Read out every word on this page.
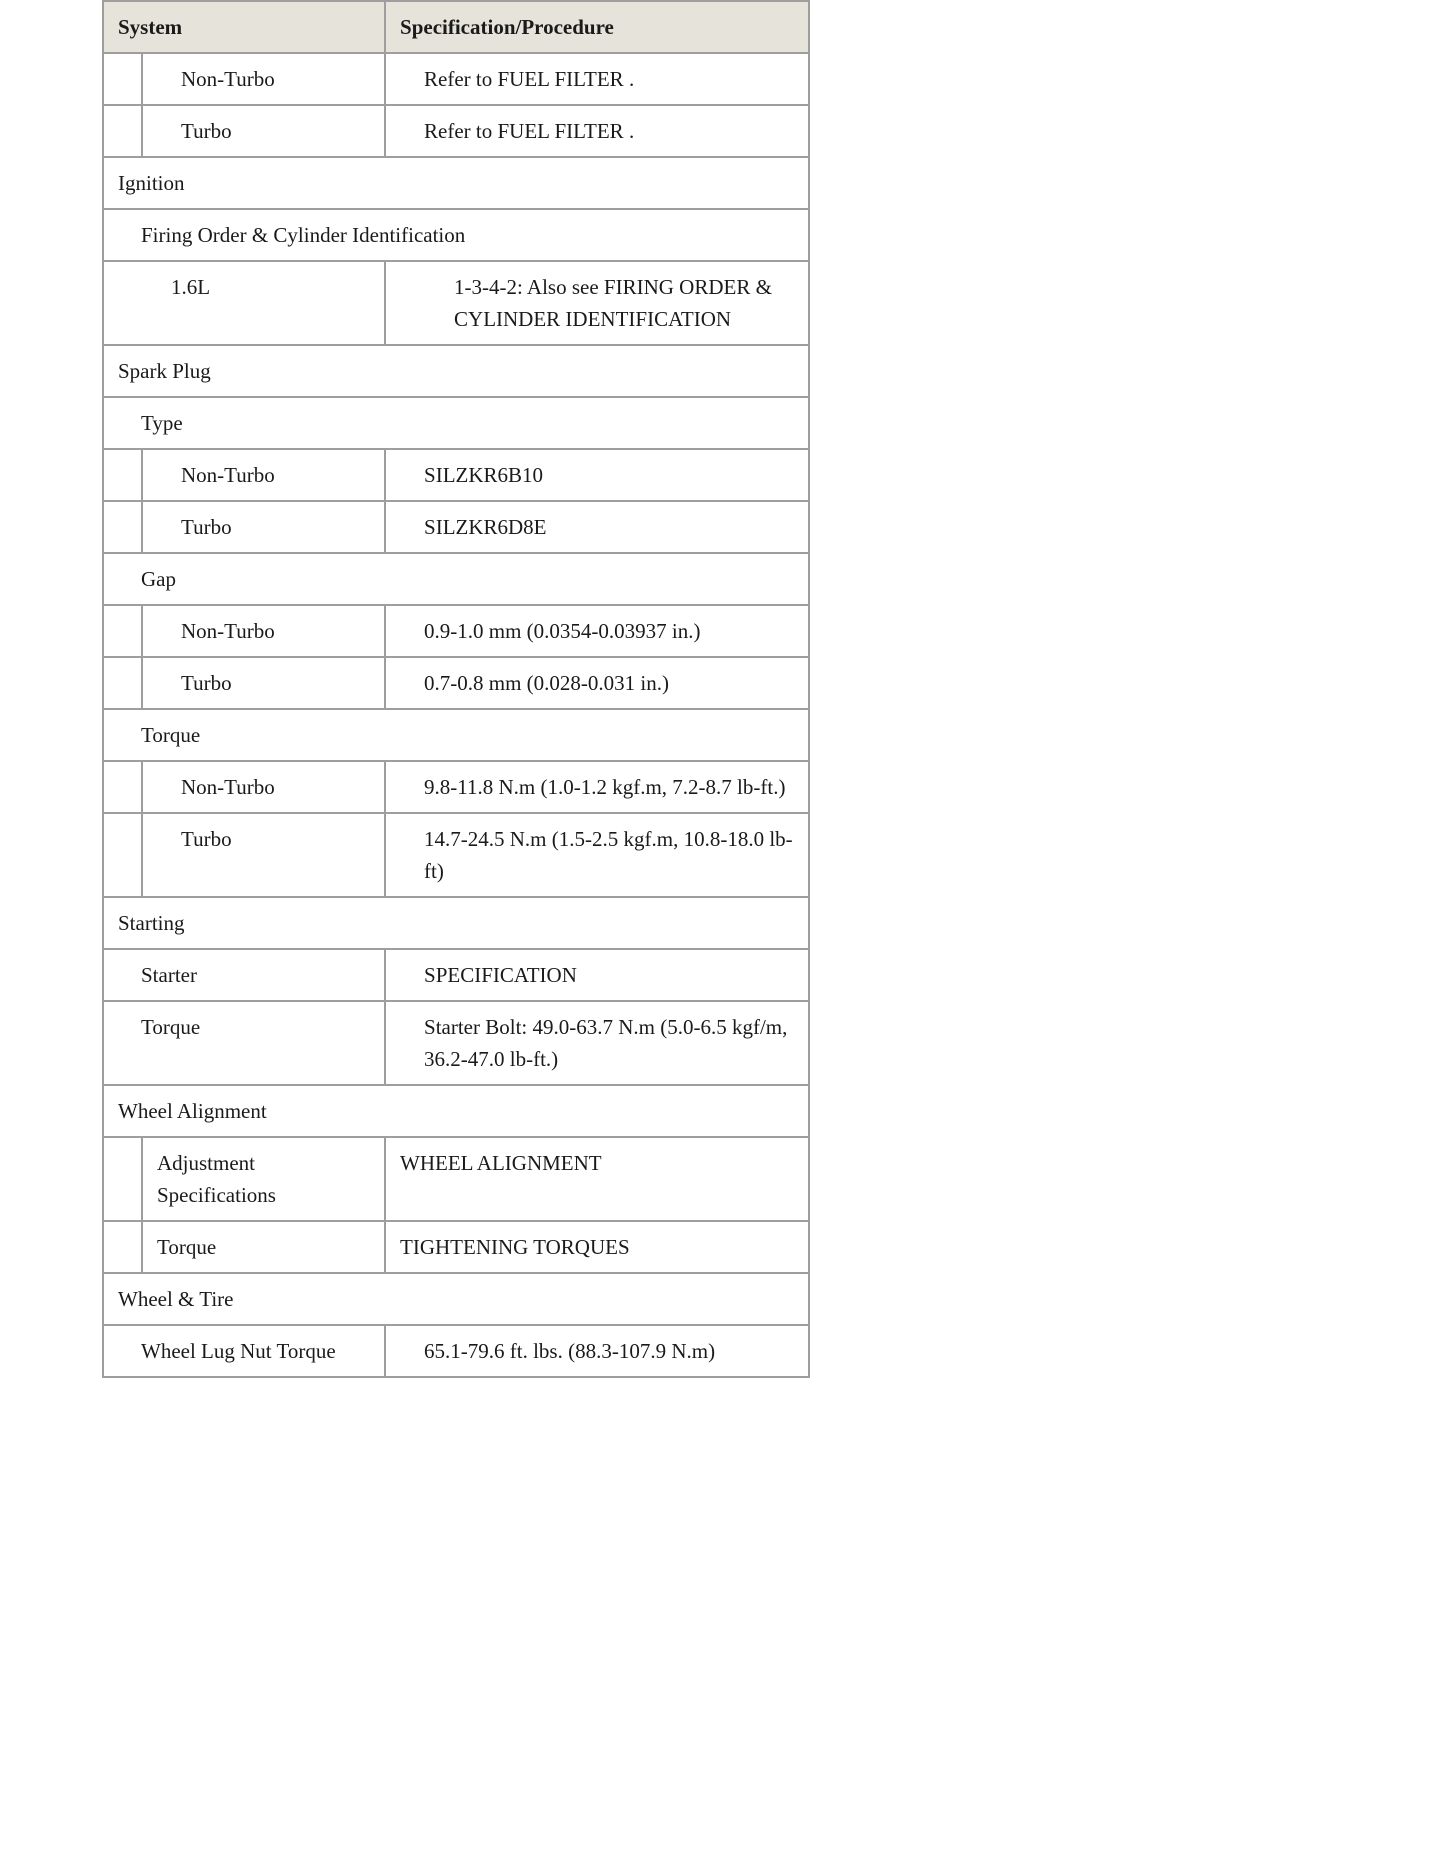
System		Specification/Procedure
	Non-Turbo	Refer to FUEL FILTER .
	Turbo	Refer to FUEL FILTER .
Ignition		
Firing Order & Cylinder Identification		
1.6L		1-3-4-2: Also see FIRING ORDER & CYLINDER IDENTIFICATION
Spark Plug		
Type		
	Non-Turbo	SILZKR6B10
	Turbo	SILZKR6D8E
Gap		
	Non-Turbo	0.9-1.0 mm (0.0354-0.03937 in.)
	Turbo	0.7-0.8 mm (0.028-0.031 in.)
Torque		
	Non-Turbo	9.8-11.8 N.m (1.0-1.2 kgf.m, 7.2-8.7 lb-ft.)
	Turbo	14.7-24.5 N.m (1.5-2.5 kgf.m, 10.8-18.0 lb-ft)
Starting		
Starter		SPECIFICATION
Torque		Starter Bolt: 49.0-63.7 N.m (5.0-6.5 kgf/m, 36.2-47.0 lb-ft.)
Wheel Alignment		
	Adjustment Specifications	WHEEL ALIGNMENT
	Torque	TIGHTENING TORQUES
Wheel & Tire		
Wheel Lug Nut Torque		65.1-79.6 ft. lbs. (88.3-107.9 N.m)
